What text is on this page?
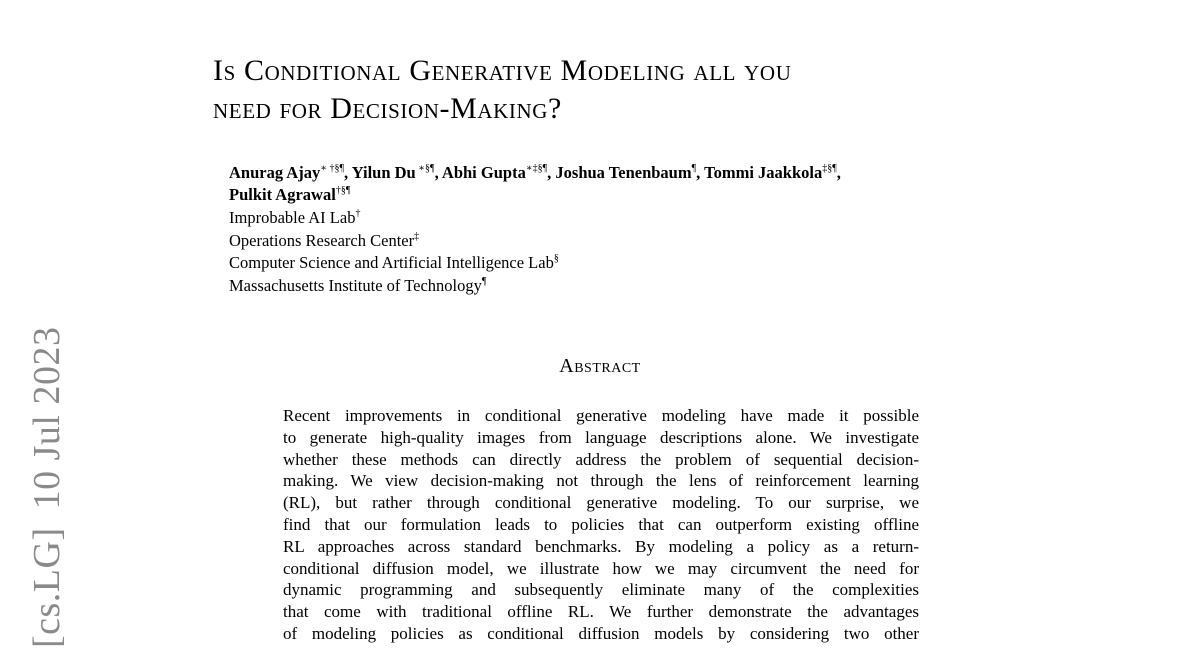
[cs.LG]10 Jul 2023
Is Conditional Generative Modeling all you
need for Decision-Making?
Anurag Ajay∗ †§¶, Yilun Du ∗§¶, Abhi Gupta∗‡§¶, Joshua Tenenbaum¶, Tommi Jaakkola‡§¶,
Pulkit Agrawal†§¶
Improbable AI Lab†
Operations Research Center‡
Computer Science and Artificial Intelligence Lab§
Massachusetts Institute of Technology¶
Abstract

Recent improvements in conditional generative modeling have made it possible
to generate high-quality images from language descriptions alone. We investigate
whether these methods can directly address the problem of sequential decision-
making. We view decision-making not through the lens of reinforcement learning
(RL), but rather through conditional generative modeling. To our surprise, we
find that our formulation leads to policies that can outperform existing offline
RL approaches across standard benchmarks. By modeling a policy as a return-
conditional diffusion model, we illustrate how we may circumvent the need for
dynamic programming and subsequently eliminate many of the complexities
that come with traditional offline RL. We further demonstrate the advantages
of modeling policies as conditional diffusion models by considering two other
